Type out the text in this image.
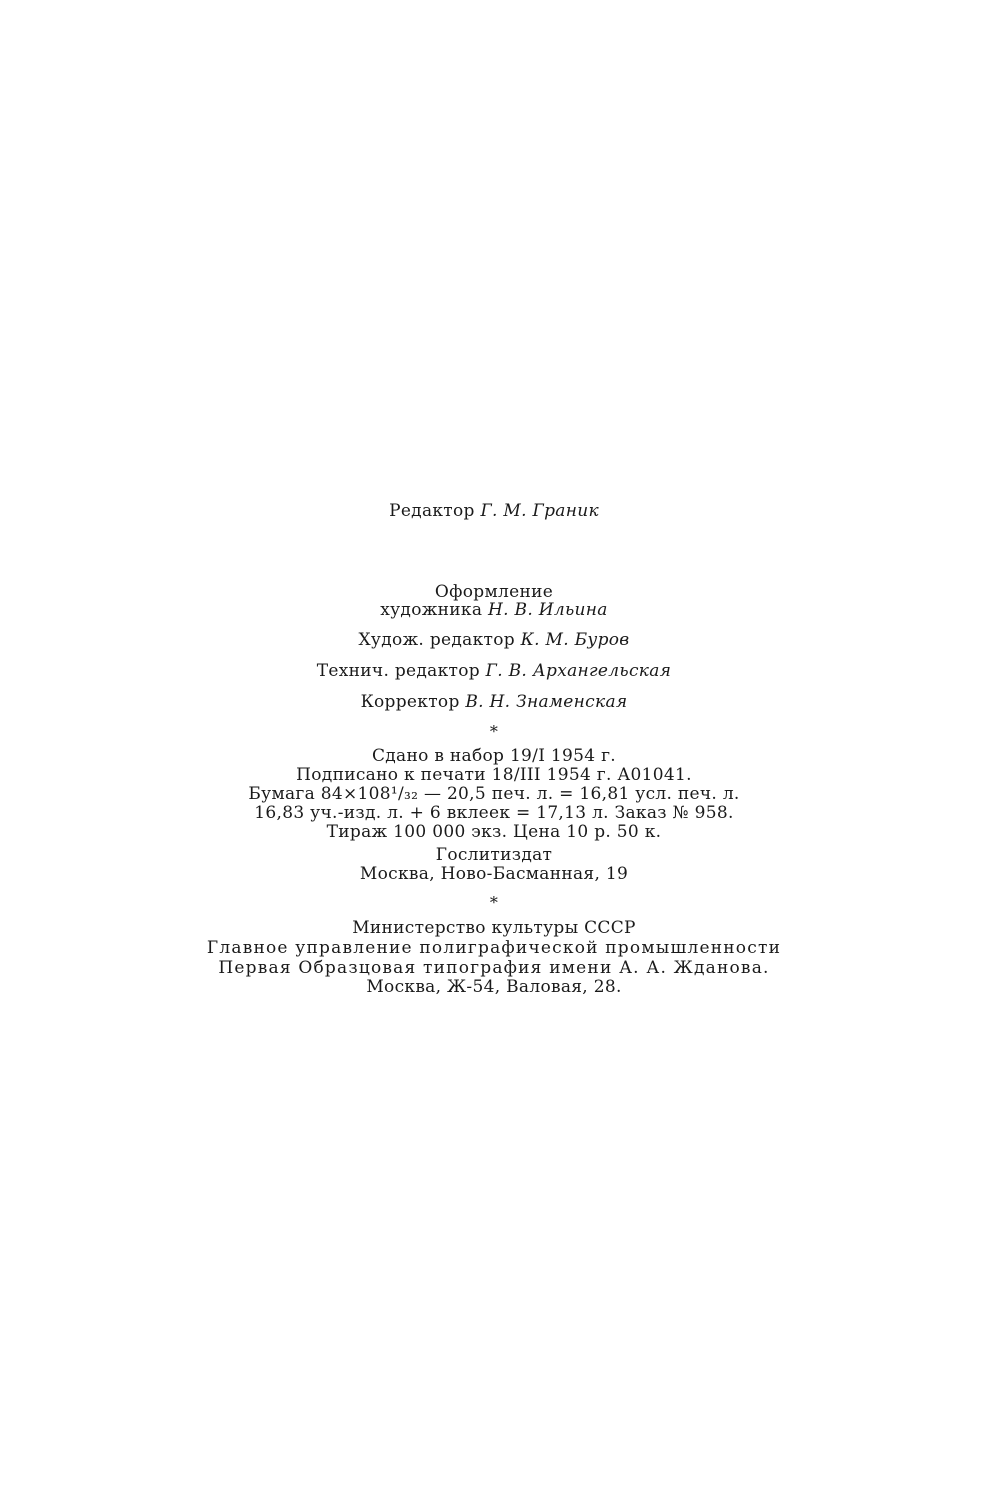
Редактор Г. М. Граник
Оформление
художника Н. В. Ильина
Худож. редактор К. М. Буров
Технич. редактор Г. В. Архангельская
Корректор В. Н. Знаменская
*
Сдано в набор 19/I 1954 г.
Подписано к печати 18/III 1954 г. А01041.
Бумага 84×108¹/₃₂ — 20,5 печ. л. = 16,81 усл. печ. л.
16,83 уч.-изд. л. + 6 вклеек = 17,13 л. Заказ № 958.
Тираж 100 000 экз. Цена 10 р. 50 к.
Гослитиздат
Москва, Ново-Басманная, 19
*
Министерство культуры СССР
Главное управление полиграфической промышленности
Первая Образцовая типография имени А. А. Жданова.
Москва, Ж-54, Валовая, 28.
